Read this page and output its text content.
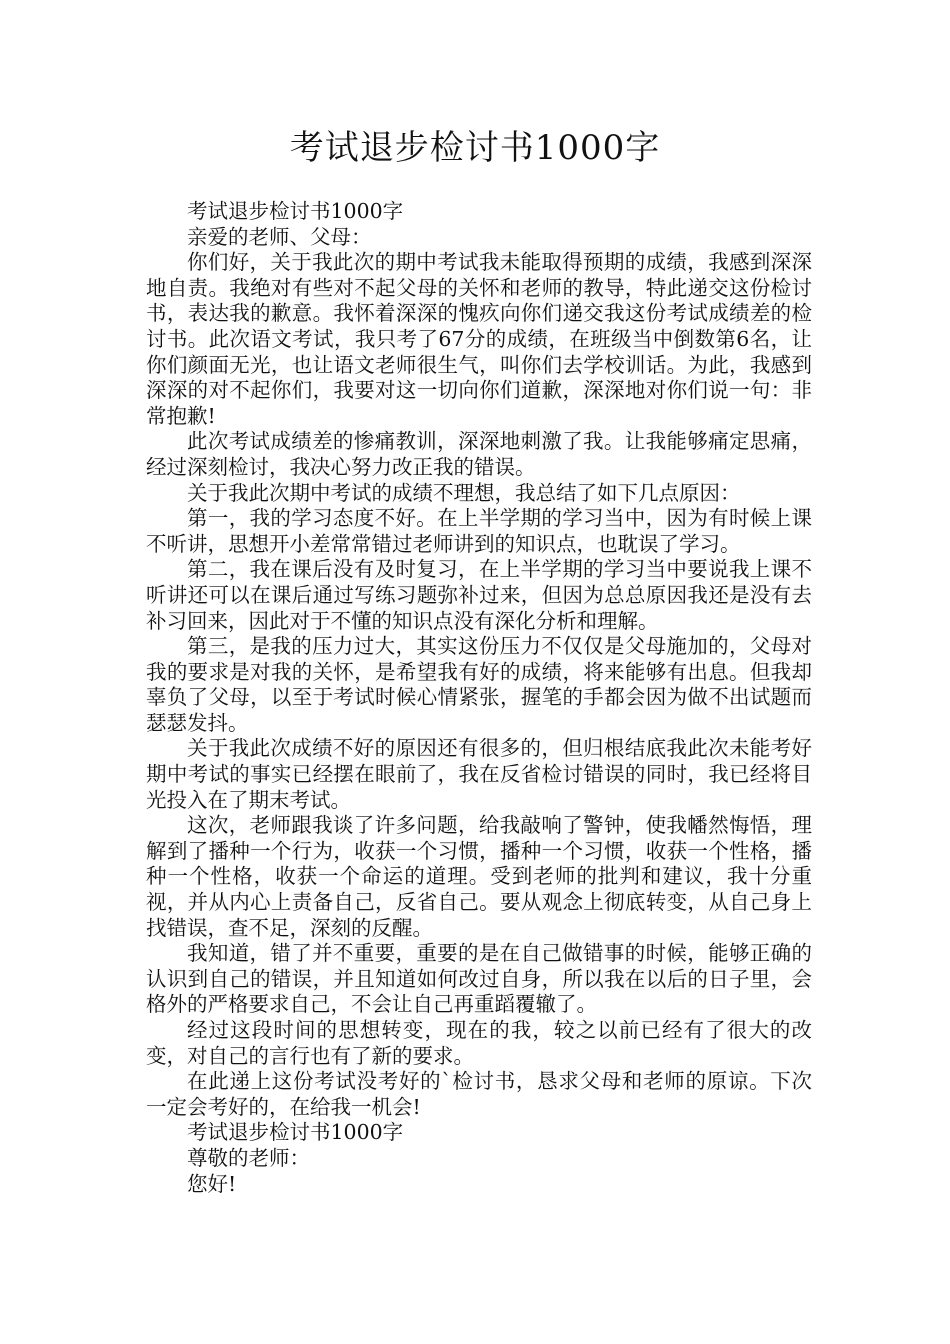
考试退步检讨书1000字

考试退步检讨书1000字

亲爱的老师、父母：

你们好，关于我此次的期中考试我未能取得预期的成绩，我感到深深地自责。我绝对有些对不起父母的关怀和老师的教导，特此递交这份检讨书，表达我的歉意。我怀着深深的愧疚向你们递交我这份考试成绩差的检讨书。此次语文考试，我只考了67分的成绩，在班级当中倒数第6名，让你们颜面无光，也让语文老师很生气，叫你们去学校训话。为此，我感到深深的对不起你们，我要对这一切向你们道歉，深深地对你们说一句：非常抱歉!

此次考试成绩差的惨痛教训，深深地刺激了我。让我能够痛定思痛，经过深刻检讨，我决心努力改正我的错误。

关于我此次期中考试的成绩不理想，我总结了如下几点原因：

第一，我的学习态度不好。在上半学期的学习当中，因为有时候上课不听讲，思想开小差常常错过老师讲到的知识点，也耽误了学习。

第二，我在课后没有及时复习，在上半学期的学习当中要说我上课不听讲还可以在课后通过写练习题弥补过来，但因为总总原因我还是没有去补习回来，因此对于不懂的知识点没有深化分析和理解。

第三，是我的压力过大，其实这份压力不仅仅是父母施加的，父母对我的要求是对我的关怀，是希望我有好的成绩，将来能够有出息。但我却辜负了父母，以至于考试时候心情紧张，握笔的手都会因为做不出试题而瑟瑟发抖。

关于我此次成绩不好的原因还有很多的，但归根结底我此次未能考好期中考试的事实已经摆在眼前了，我在反省检讨错误的同时，我已经将目光投入在了期末考试。

这次，老师跟我谈了许多问题，给我敲响了警钟，使我幡然悔悟，理解到了播种一个行为，收获一个习惯，播种一个习惯，收获一个性格，播种一个性格，收获一个命运的道理。受到老师的批判和建议，我十分重视，并从内心上责备自己，反省自己。要从观念上彻底转变，从自己身上找错误，查不足，深刻的反醒。

我知道，错了并不重要，重要的是在自己做错事的时候，能够正确的认识到自己的错误，并且知道如何改过自身，所以我在以后的日子里，会格外的严格要求自己，不会让自己再重蹈覆辙了。

经过这段时间的思想转变，现在的我，较之以前已经有了很大的改变，对自己的言行也有了新的要求。

在此递上这份考试没考好的`检讨书，恳求父母和老师的原谅。下次一定会考好的，在给我一机会!

考试退步检讨书1000字

尊敬的老师：

您好!
